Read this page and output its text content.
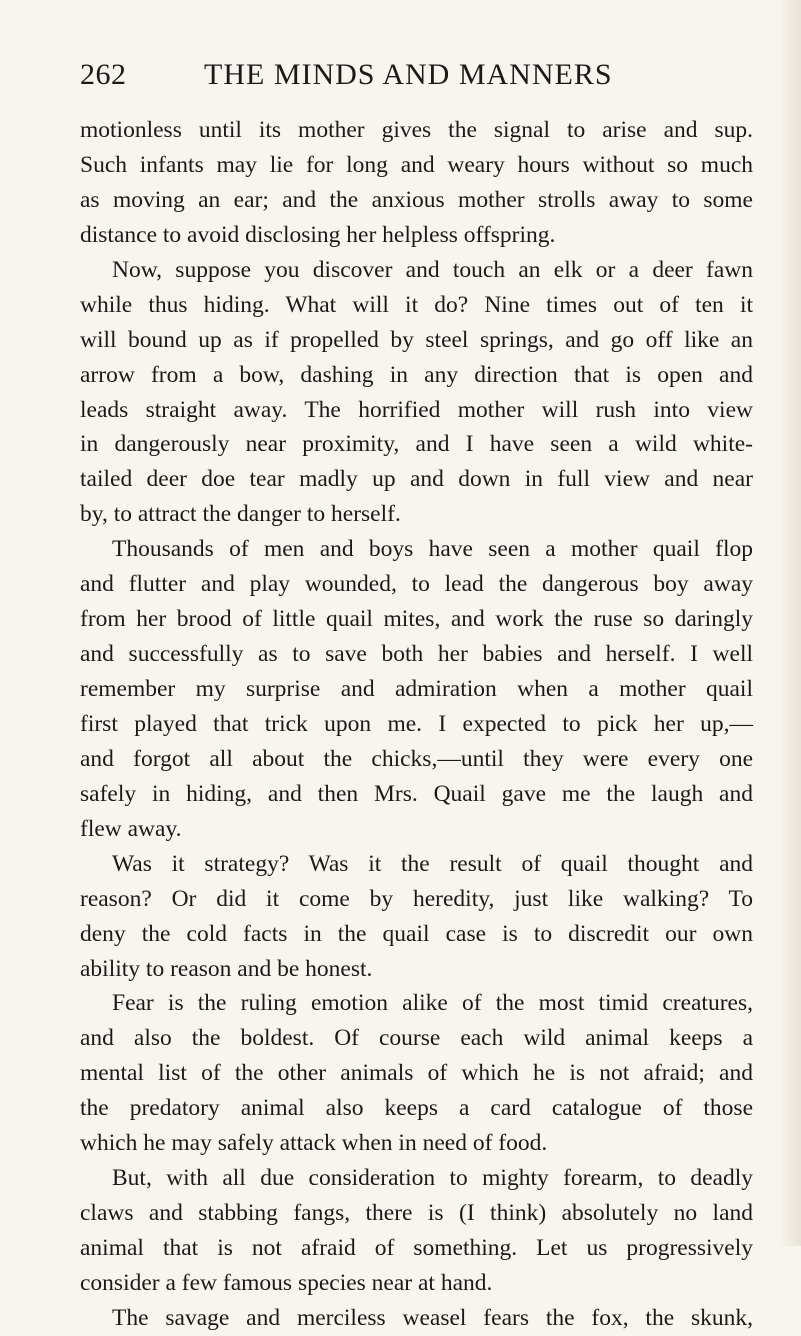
262	THE MINDS AND MANNERS
motionless until its mother gives the signal to arise and sup.
Such infants may lie for long and weary hours without so much
as moving an ear; and the anxious mother strolls away to some
distance to avoid disclosing her helpless offspring.
Now, suppose you discover and touch an elk or a deer fawn
while thus hiding. What will it do? Nine times out of ten it
will bound up as if propelled by steel springs, and go off like an
arrow from a bow, dashing in any direction that is open and
leads straight away. The horrified mother will rush into view
in dangerously near proximity, and I have seen a wild white-
tailed deer doe tear madly up and down in full view and near
by, to attract the danger to herself.
Thousands of men and boys have seen a mother quail flop
and flutter and play wounded, to lead the dangerous boy away
from her brood of little quail mites, and work the ruse so daringly
and successfully as to save both her babies and herself. I well
remember my surprise and admiration when a mother quail
first played that trick upon me. I expected to pick her up,—
and forgot all about the chicks,—until they were every one
safely in hiding, and then Mrs. Quail gave me the laugh and
flew away.
Was it strategy? Was it the result of quail thought and
reason? Or did it come by heredity, just like walking? To
deny the cold facts in the quail case is to discredit our own
ability to reason and be honest.
Fear is the ruling emotion alike of the most timid creatures,
and also the boldest. Of course each wild animal keeps a
mental list of the other animals of which he is not afraid; and
the predatory animal also keeps a card catalogue of those
which he may safely attack when in need of food.
But, with all due consideration to mighty forearm, to deadly
claws and stabbing fangs, there is (I think) absolutely no land
animal that is not afraid of something. Let us progressively
consider a few famous species near at hand.
The savage and merciless weasel fears the fox, the skunk,
